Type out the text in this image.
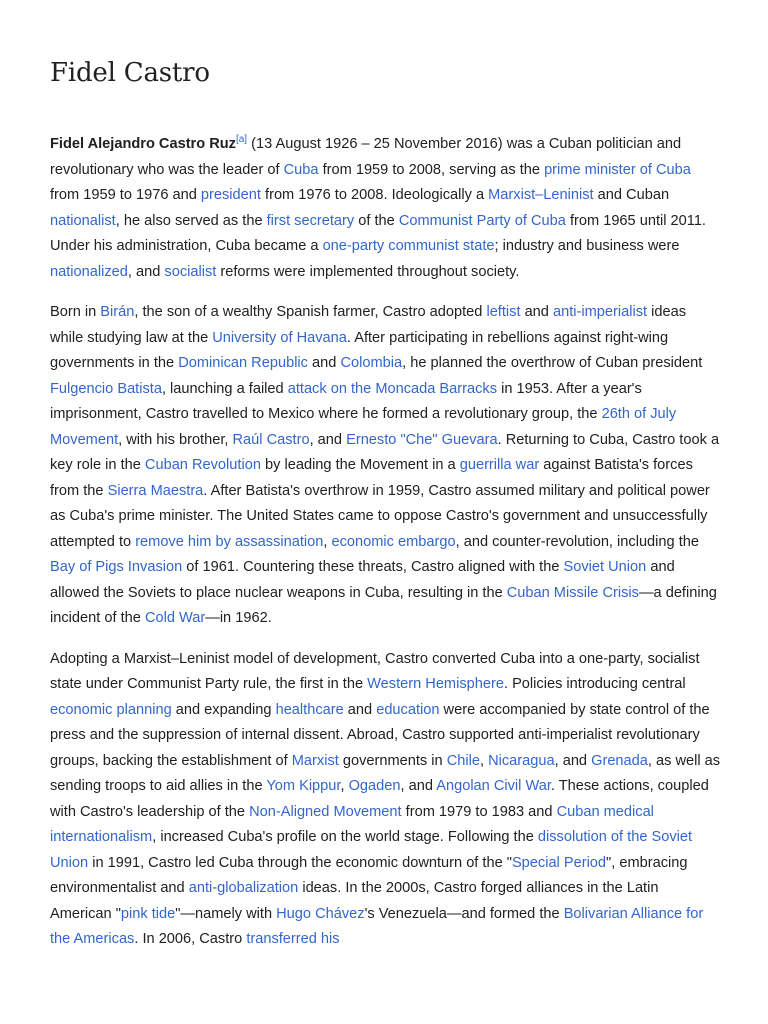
Fidel Castro

Fidel Alejandro Castro Ruz[a] (13 August 1926 – 25 November 2016) was a Cuban politician and revolutionary who was the leader of Cuba from 1959 to 2008, serving as the prime minister of Cuba from 1959 to 1976 and president from 1976 to 2008. Ideologically a Marxist–Leninist and Cuban nationalist, he also served as the first secretary of the Communist Party of Cuba from 1965 until 2011. Under his administration, Cuba became a one-party communist state; industry and business were nationalized, and socialist reforms were implemented throughout society.

Born in Birán, the son of a wealthy Spanish farmer, Castro adopted leftist and anti-imperialist ideas while studying law at the University of Havana. After participating in rebellions against right-wing governments in the Dominican Republic and Colombia, he planned the overthrow of Cuban president Fulgencio Batista, launching a failed attack on the Moncada Barracks in 1953. After a year's imprisonment, Castro travelled to Mexico where he formed a revolutionary group, the 26th of July Movement, with his brother, Raúl Castro, and Ernesto "Che" Guevara. Returning to Cuba, Castro took a key role in the Cuban Revolution by leading the Movement in a guerrilla war against Batista's forces from the Sierra Maestra. After Batista's overthrow in 1959, Castro assumed military and political power as Cuba's prime minister. The United States came to oppose Castro's government and unsuccessfully attempted to remove him by assassination, economic embargo, and counter-revolution, including the Bay of Pigs Invasion of 1961. Countering these threats, Castro aligned with the Soviet Union and allowed the Soviets to place nuclear weapons in Cuba, resulting in the Cuban Missile Crisis—a defining incident of the Cold War—in 1962.

Adopting a Marxist–Leninist model of development, Castro converted Cuba into a one-party, socialist state under Communist Party rule, the first in the Western Hemisphere. Policies introducing central economic planning and expanding healthcare and education were accompanied by state control of the press and the suppression of internal dissent. Abroad, Castro supported anti-imperialist revolutionary groups, backing the establishment of Marxist governments in Chile, Nicaragua, and Grenada, as well as sending troops to aid allies in the Yom Kippur, Ogaden, and Angolan Civil War. These actions, coupled with Castro's leadership of the Non-Aligned Movement from 1979 to 1983 and Cuban medical internationalism, increased Cuba's profile on the world stage. Following the dissolution of the Soviet Union in 1991, Castro led Cuba through the economic downturn of the "Special Period", embracing environmentalist and anti-globalization ideas. In the 2000s, Castro forged alliances in the Latin American "pink tide"—namely with Hugo Chávez's Venezuela—and formed the Bolivarian Alliance for the Americas. In 2006, Castro transferred his
